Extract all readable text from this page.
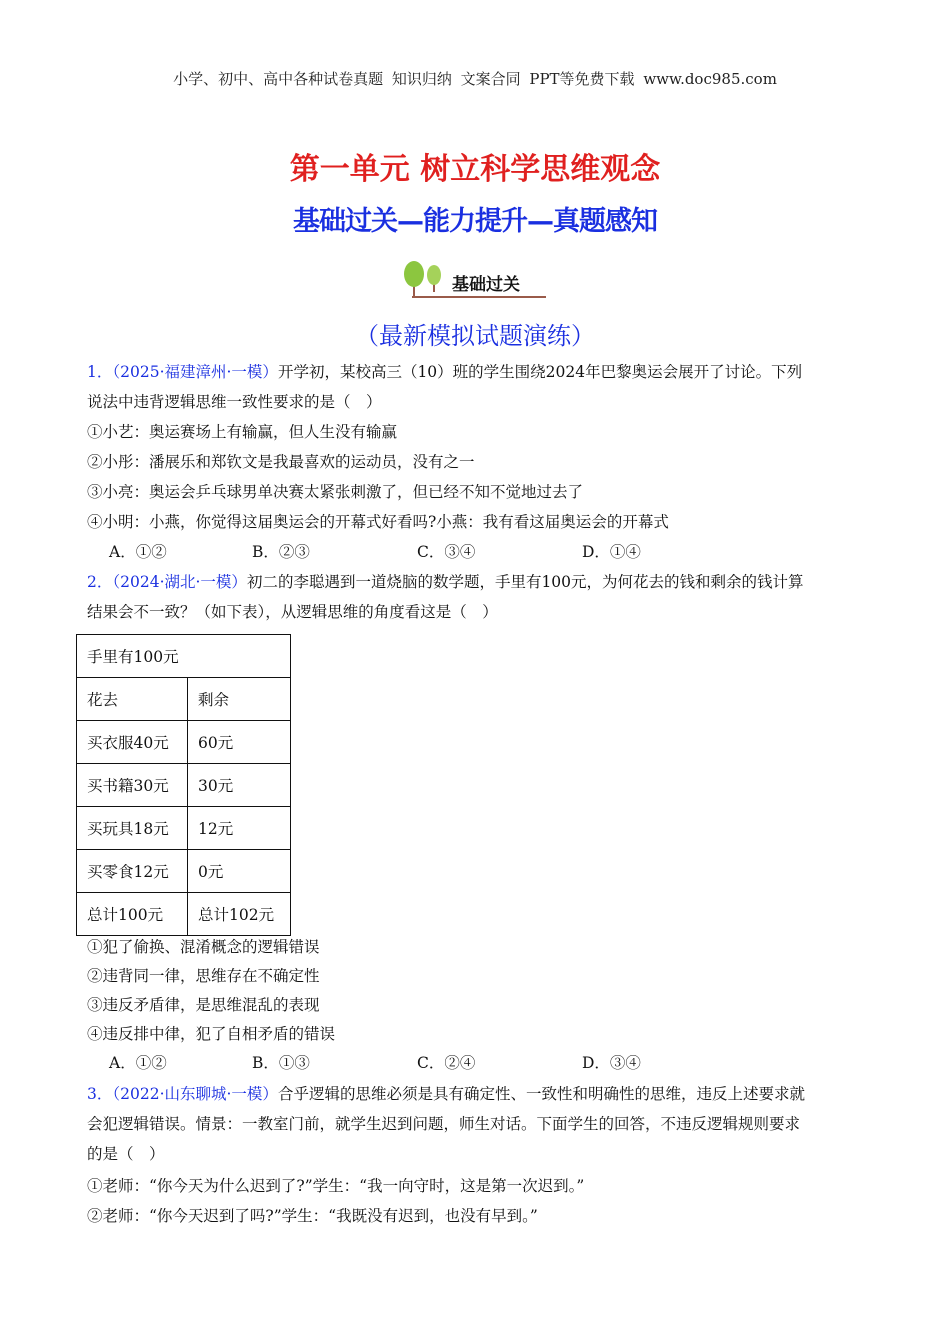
小学、初中、高中各种试卷真题 知识归纳 文案合同 PPT等免费下载 www.doc985.com
第一单元 树立科学思维观念
基础过关—能力提升—真题感知
基础过关
（最新模拟试题演练）
1．（2025·福建漳州·一模）开学初，某校高三（10）班的学生围绕2024年巴黎奥运会展开了讨论。下列
说法中违背逻辑思维一致性要求的是（　）
①小艺：奥运赛场上有输赢，但人生没有输赢
②小彤：潘展乐和郑钦文是我最喜欢的运动员，没有之一
③小亮：奥运会乒乓球男单决赛太紧张刺激了，但已经不知不觉地过去了
④小明：小燕，你觉得这届奥运会的开幕式好看吗?小燕：我有看这届奥运会的开幕式
A．①②	B．②③	C．③④	D．①④
2．（2024·湖北·一模）初二的李聪遇到一道烧脑的数学题，手里有100元，为何花去的钱和剩余的钱计算
结果会不一致？（如下表），从逻辑思维的角度看这是（　）
手里有100元	
花去	剩余
买衣服40元	60元
买书籍30元	30元
买玩具18元	12元
买零食12元	0元
总计100元	总计102元
①犯了偷换、混淆概念的逻辑错误
②违背同一律，思维存在不确定性
③违反矛盾律，是思维混乱的表现
④违反排中律，犯了自相矛盾的错误
A．①②	B．①③	C．②④	D．③④
3．（2022·山东聊城·一模）合乎逻辑的思维必须是具有确定性、一致性和明确性的思维，违反上述要求就
会犯逻辑错误。情景：一教室门前，就学生迟到问题，师生对话。下面学生的回答，不违反逻辑规则要求
的是（　）
①老师：“你今天为什么迟到了?”学生：“我一向守时，这是第一次迟到。”
②老师：“你今天迟到了吗?”学生：“我既没有迟到，也没有早到。”
